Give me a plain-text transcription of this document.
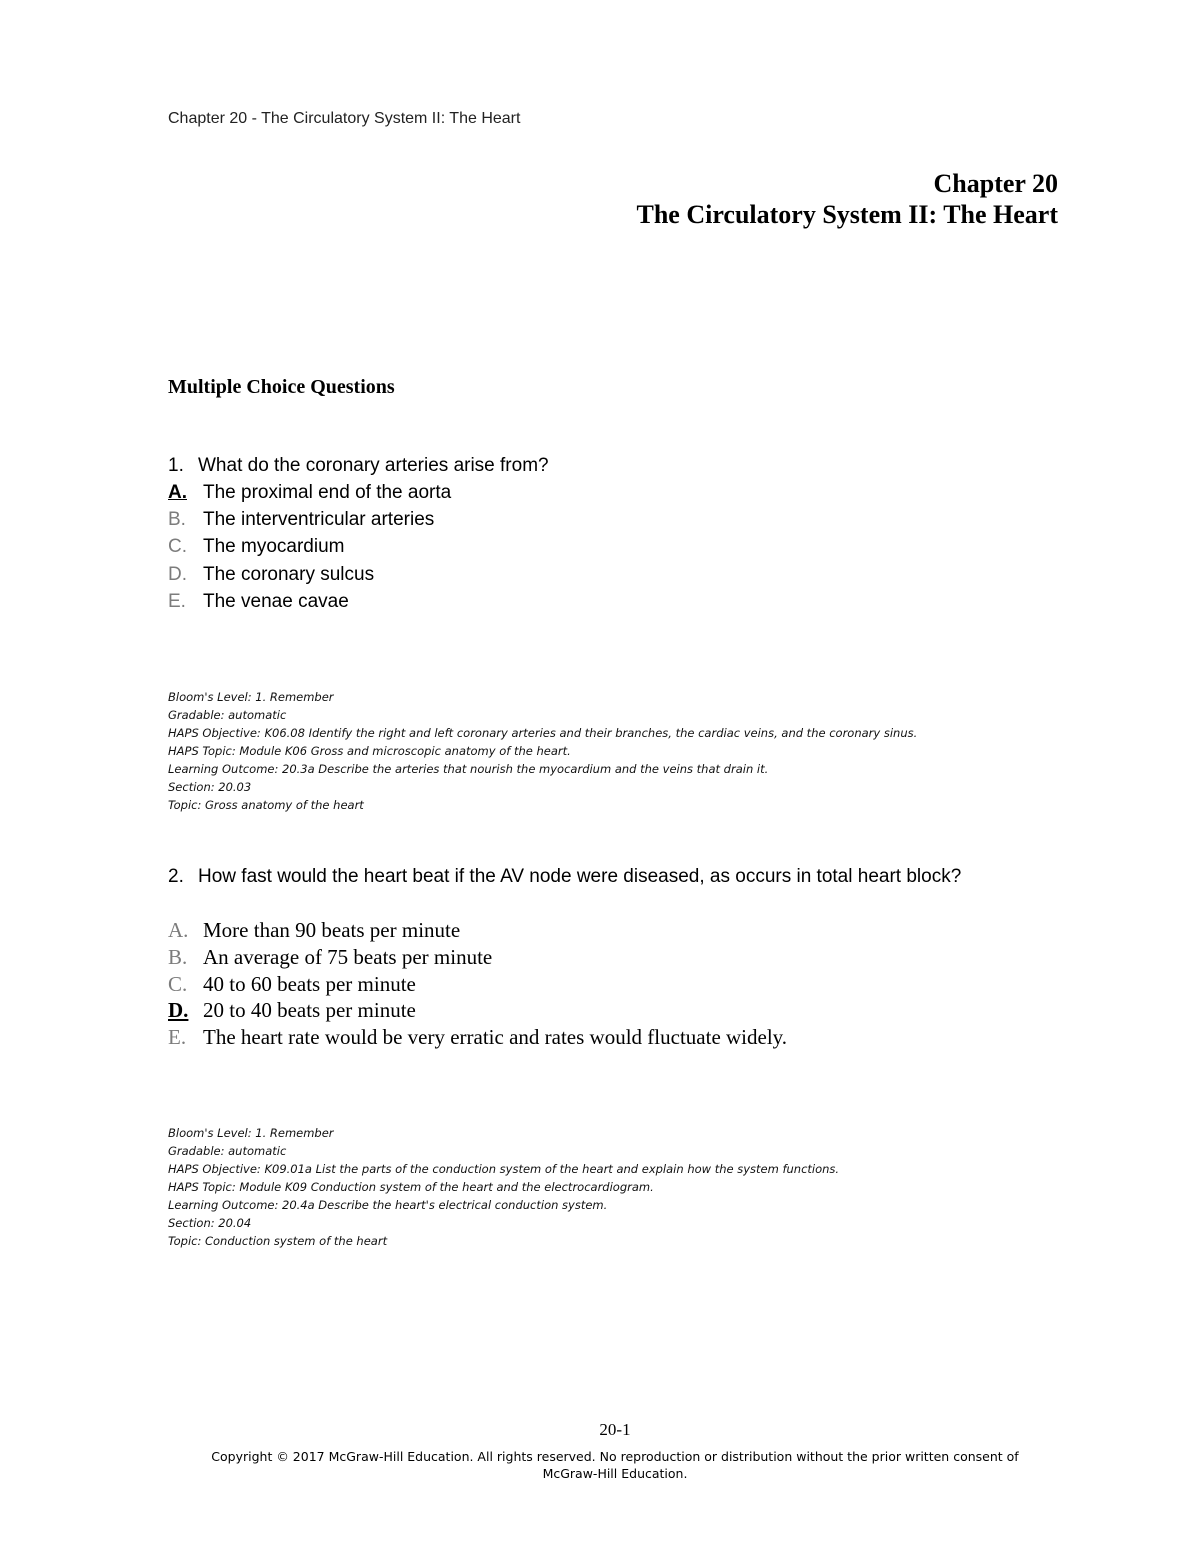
Chapter 20 - The Circulatory System II: The Heart
Chapter 20
The Circulatory System II: The Heart
Multiple Choice Questions
1. What do the coronary arteries arise from?
A. The proximal end of the aorta
B. The interventricular arteries
C. The myocardium
D. The coronary sulcus
E. The venae cavae
Bloom's Level: 1. Remember
Gradable: automatic
HAPS Objective: K06.08 Identify the right and left coronary arteries and their branches, the cardiac veins, and the coronary sinus.
HAPS Topic: Module K06 Gross and microscopic anatomy of the heart.
Learning Outcome: 20.3a Describe the arteries that nourish the myocardium and the veins that drain it.
Section: 20.03
Topic: Gross anatomy of the heart
2. How fast would the heart beat if the AV node were diseased, as occurs in total heart block?
A. More than 90 beats per minute
B. An average of 75 beats per minute
C. 40 to 60 beats per minute
D. 20 to 40 beats per minute
E. The heart rate would be very erratic and rates would fluctuate widely.
Bloom's Level: 1. Remember
Gradable: automatic
HAPS Objective: K09.01a List the parts of the conduction system of the heart and explain how the system functions.
HAPS Topic: Module K09 Conduction system of the heart and the electrocardiogram.
Learning Outcome: 20.4a Describe the heart's electrical conduction system.
Section: 20.04
Topic: Conduction system of the heart
20-1
Copyright © 2017 McGraw-Hill Education. All rights reserved. No reproduction or distribution without the prior written consent of
McGraw-Hill Education.
